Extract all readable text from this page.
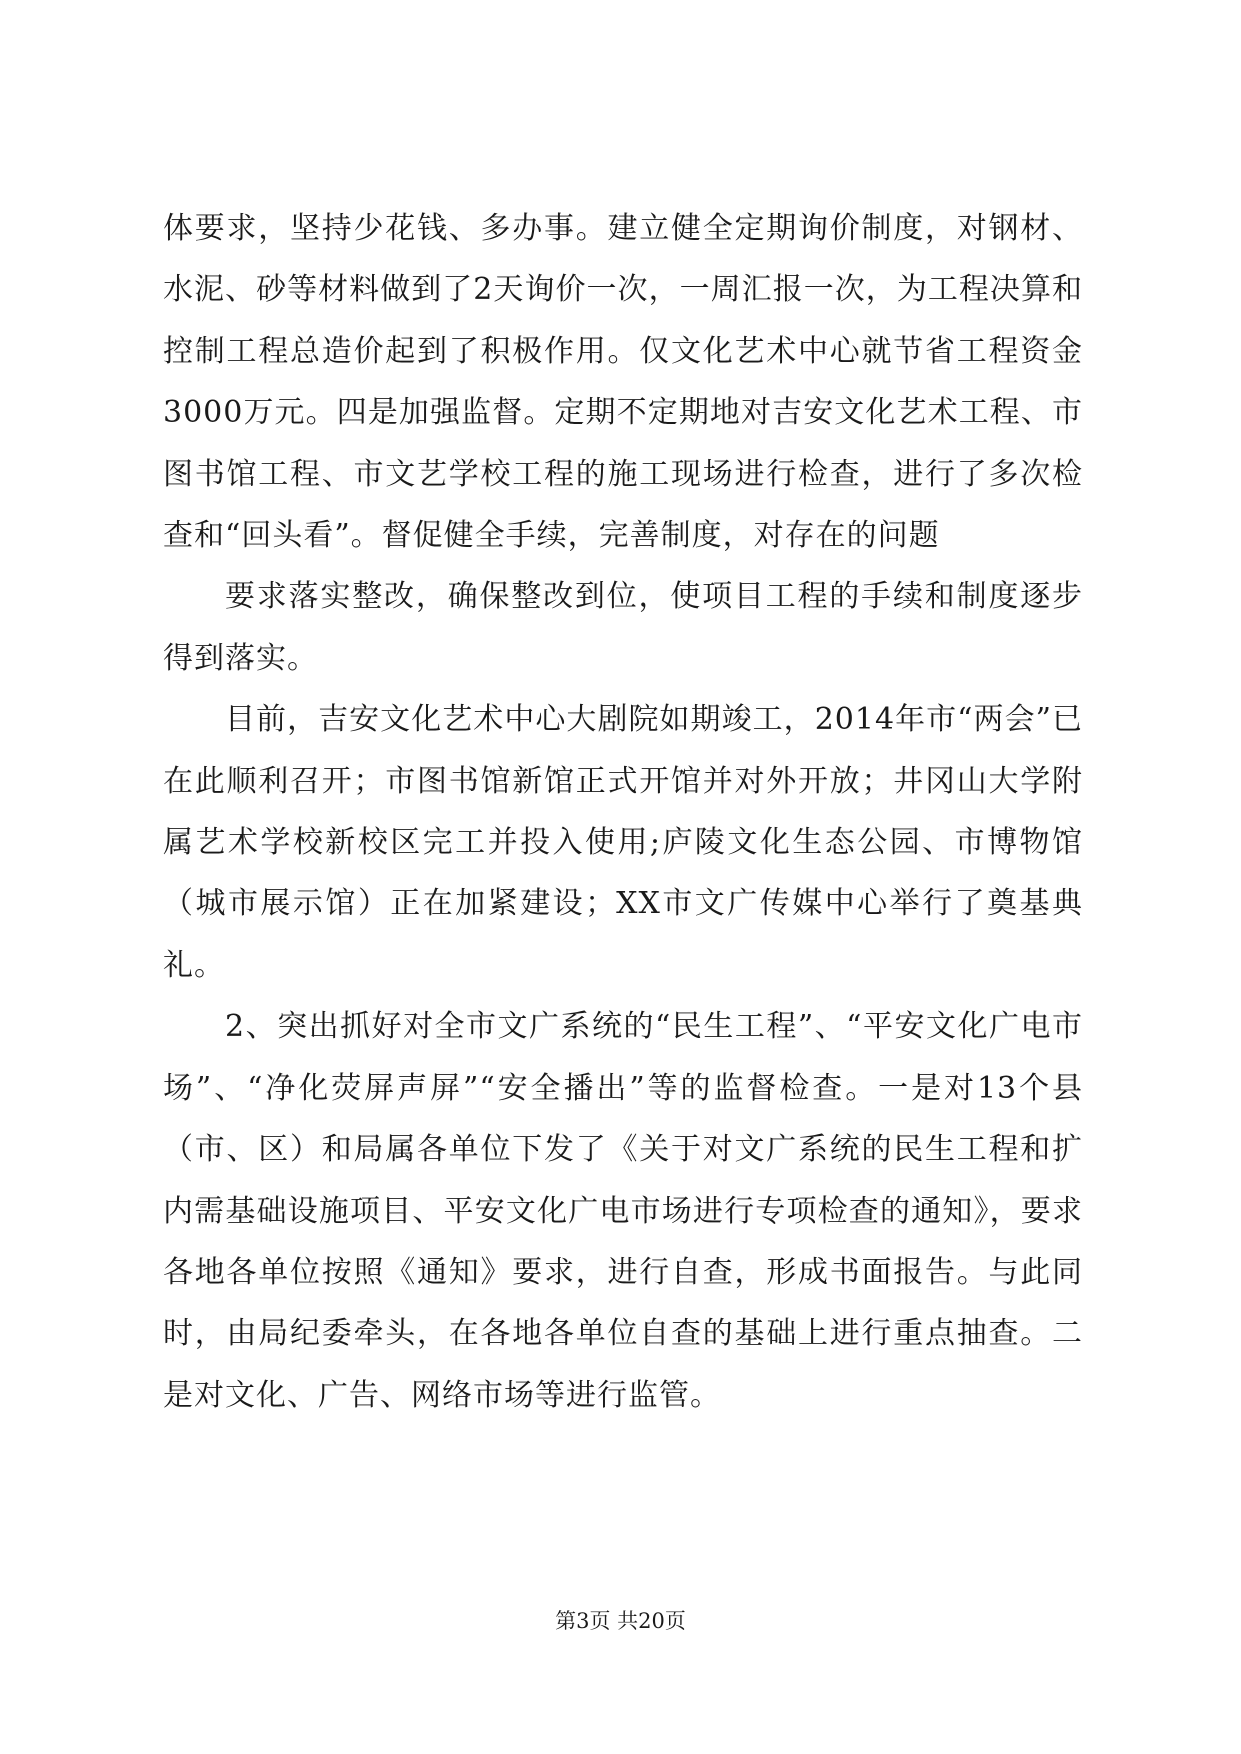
体要求，坚持少花钱、多办事。建立健全定期询价制度，对钢材、水泥、砂等材料做到了2天询价一次，一周汇报一次，为工程决算和控制工程总造价起到了积极作用。仅文化艺术中心就节省工程资金3000万元。四是加强监督。定期不定期地对吉安文化艺术工程、市图书馆工程、市文艺学校工程的施工现场进行检查，进行了多次检查和“回头看”。督促健全手续，完善制度，对存在的问题

要求落实整改，确保整改到位，使项目工程的手续和制度逐步得到落实。

目前，吉安文化艺术中心大剧院如期竣工，2014年市“两会”已在此顺利召开；市图书馆新馆正式开馆并对外开放；井冈山大学附属艺术学校新校区完工并投入使用;庐陵文化生态公园、市博物馆（城市展示馆）正在加紧建设；XX市文广传媒中心举行了奠基典礼。

2、突出抓好对全市文广系统的“民生工程”、“平安文化广电市场”、“净化荧屏声屏”“安全播出”等的监督检查。一是对13个县（市、区）和局属各单位下发了《关于对文广系统的民生工程和扩内需基础设施项目、平安文化广电市场进行专项检查的通知》，要求各地各单位按照《通知》要求，进行自查，形成书面报告。与此同时，由局纪委牵头，在各地各单位自查的基础上进行重点抽查。二是对文化、广告、网络市场等进行监管。

第3页 共20页
